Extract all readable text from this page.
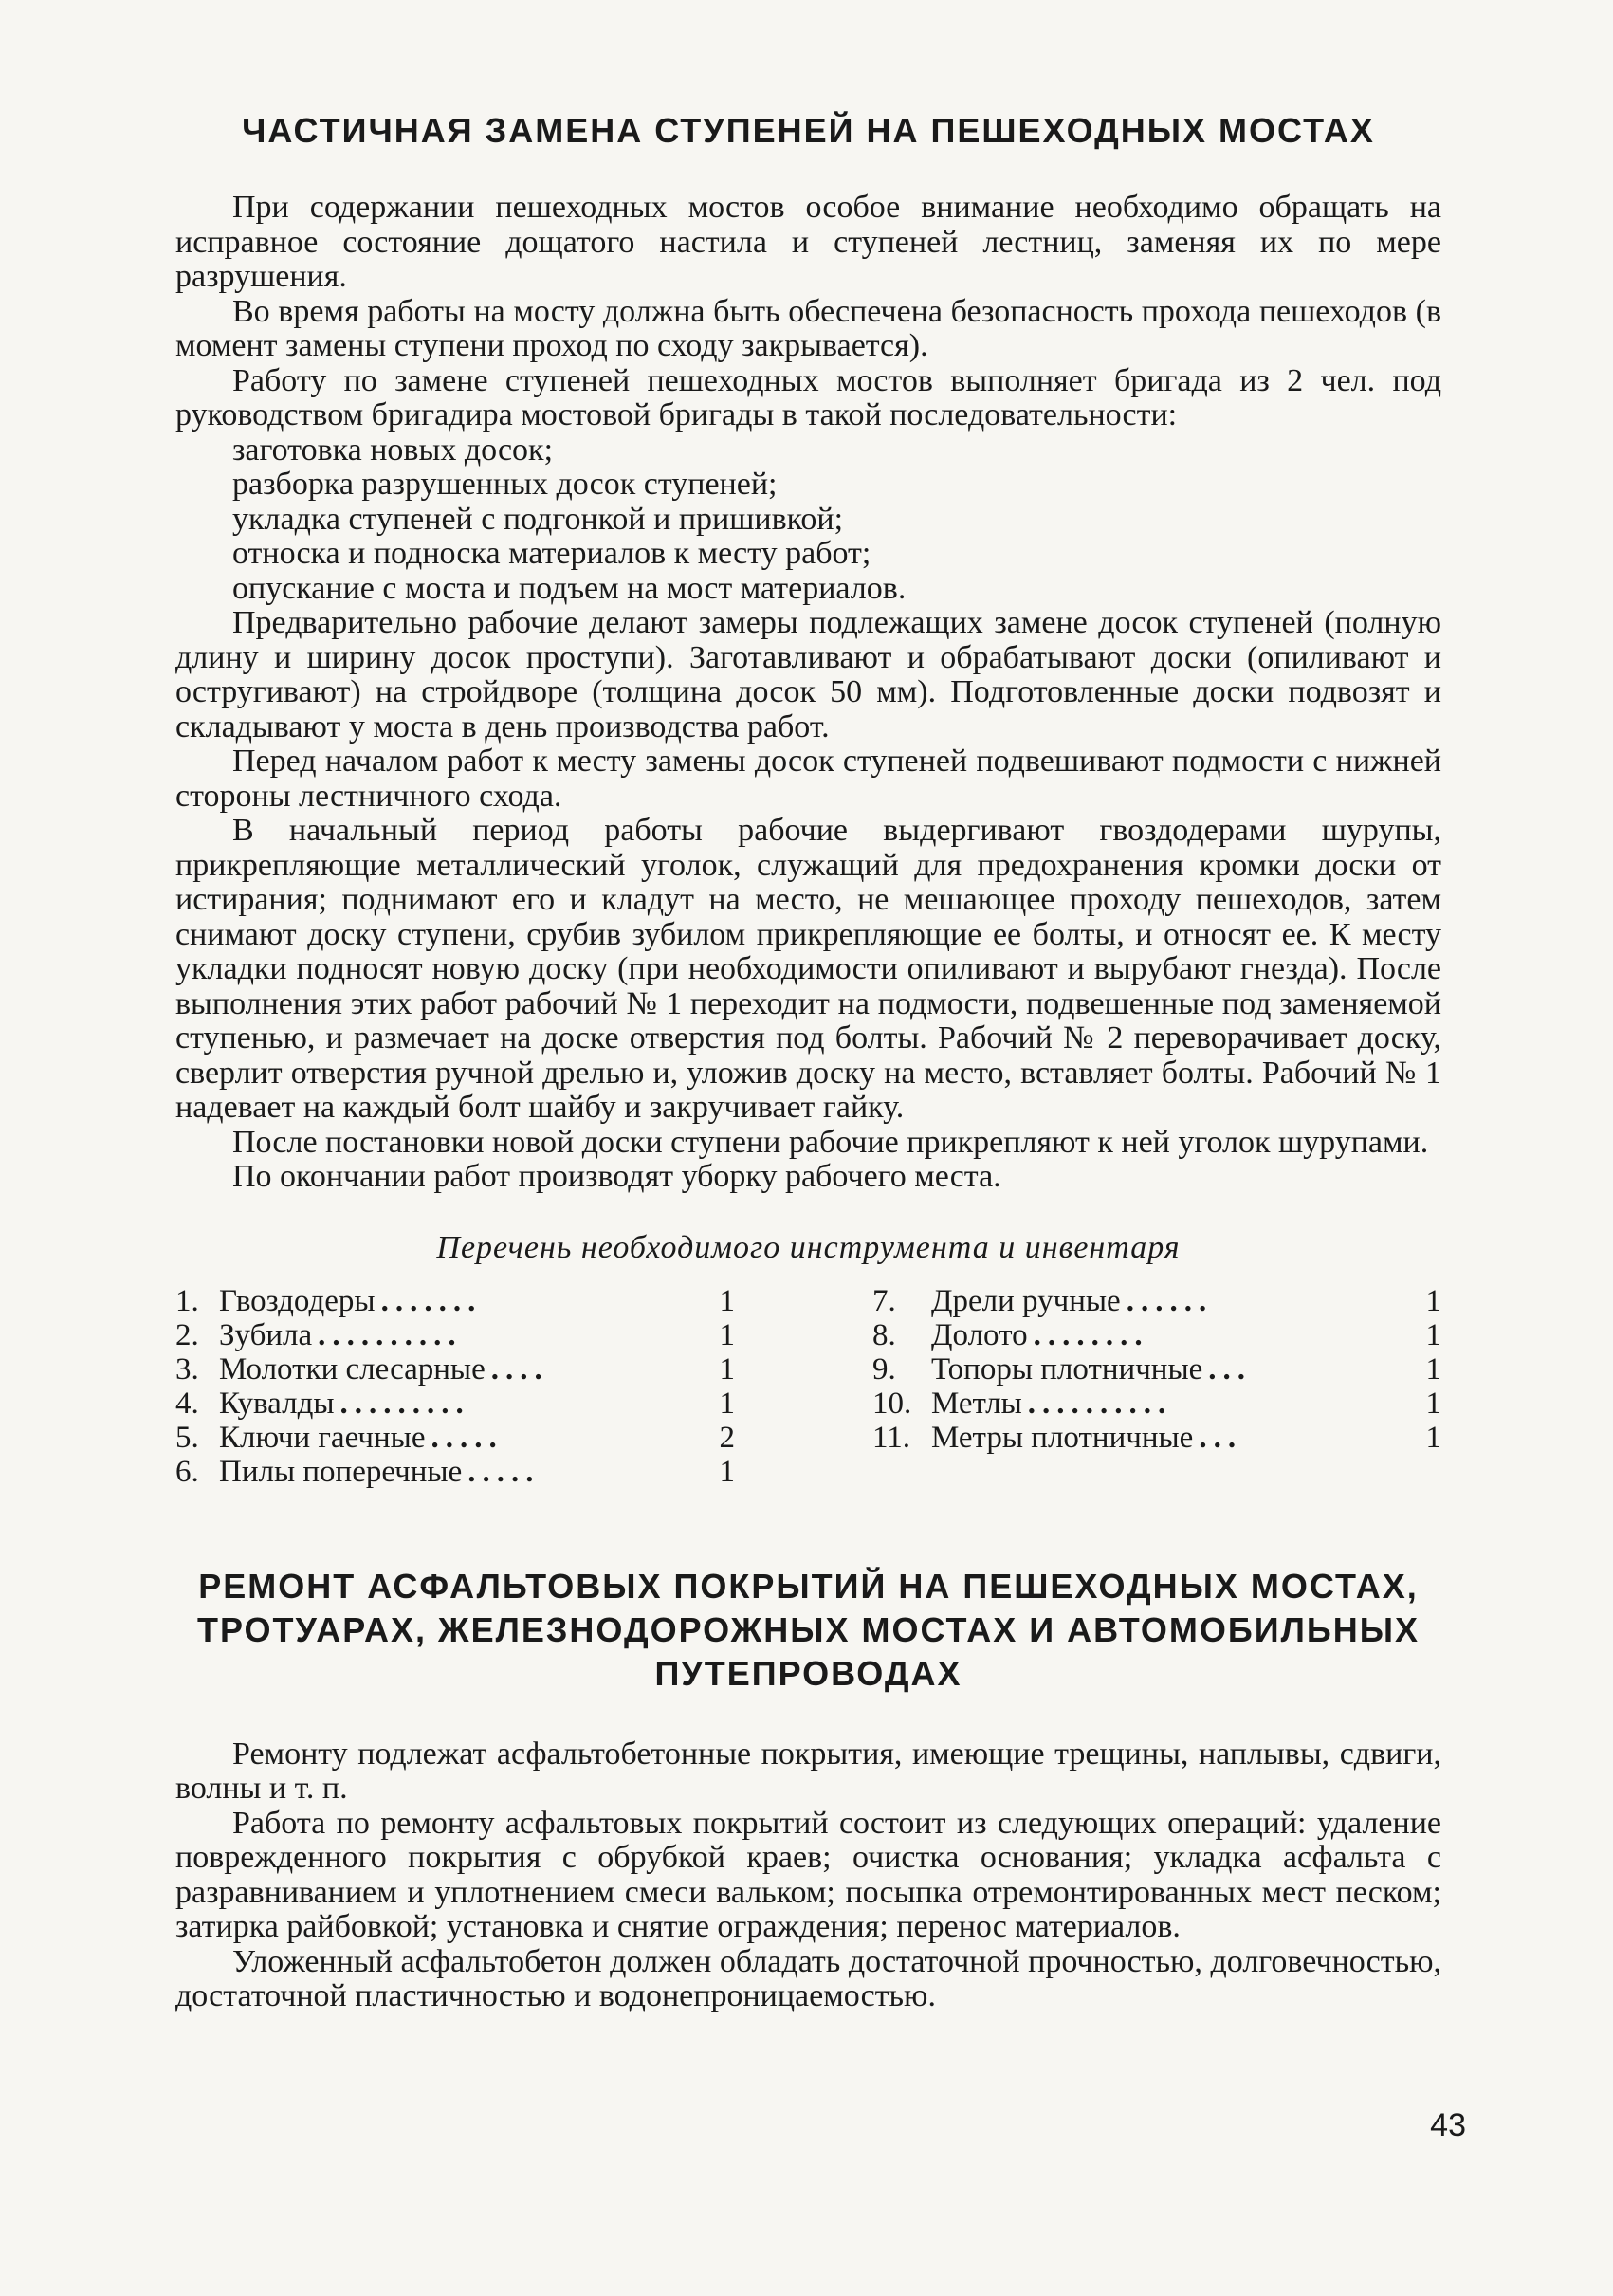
ЧАСТИЧНАЯ ЗАМЕНА СТУПЕНЕЙ НА ПЕШЕХОДНЫХ МОСТАХ

При содержании пешеходных мостов особое внимание необходимо обращать на исправное состояние дощатого настила и ступеней лестниц, заменяя их по мере разрушения.

Во время работы на мосту должна быть обеспечена безопасность прохода пешеходов (в момент замены ступени проход по сходу закрывается).

Работу по замене ступеней пешеходных мостов выполняет бригада из 2 чел. под руководством бригадира мостовой бригады в такой последовательности:

заготовка новых досок;
разборка разрушенных досок ступеней;
укладка ступеней с подгонкой и пришивкой;
относка и подноска материалов к месту работ;
опускание с моста и подъем на мост материалов.

Предварительно рабочие делают замеры подлежащих замене досок ступеней (полную длину и ширину досок проступи). Заготавливают и обрабатывают доски (опиливают и остругивают) на стройдворе (толщина досок 50 мм). Подготовленные доски подвозят и складывают у моста в день производства работ.

Перед началом работ к месту замены досок ступеней подвешивают подмости с нижней стороны лестничного схода.

В начальный период работы рабочие выдергивают гвоздодерами шурупы, прикрепляющие металлический уголок, служащий для предохранения кромки доски от истирания; поднимают его и кладут на место, не мешающее проходу пешеходов, затем снимают доску ступени, срубив зубилом прикрепляющие ее болты, и относят ее. К месту укладки подносят новую доску (при необходимости опиливают и вырубают гнезда). После выполнения этих работ рабочий № 1 переходит на подмости, подвешенные под заменяемой ступенью, и размечает на доске отверстия под болты. Рабочий № 2 переворачивает доску, сверлит отверстия ручной дрелью и, уложив доску на место, вставляет болты. Рабочий № 1 надевает на каждый болт шайбу и закручивает гайку.

После постановки новой доски ступени рабочие прикрепляют к ней уголок шурупами.

По окончании работ производят уборку рабочего места.

Перечень необходимого инструмента и инвентаря
1. Гвоздодеры .......	1
2. Зубила ..........	1
3. Молотки слесарные ....	1
4. Кувалды .........	1
5. Ключи гаечные .....	2
6. Пилы поперечные .....	1
7.	Дрели ручные ......	1
8.	Долото ........	1
9.	Топоры плотничные ...	1
10. Метлы ..........	1
11. Метры плотничные ...	1
РЕМОНТ АСФАЛЬТОВЫХ ПОКРЫТИЙ НА ПЕШЕХОДНЫХ МОСТАХ,
ТРОТУАРАХ, ЖЕЛЕЗНОДОРОЖНЫХ МОСТАХ И АВТОМОБИЛЬНЫХ
ПУТЕПРОВОДАХ

Ремонту подлежат асфальтобетонные покрытия, имеющие трещины, наплывы, сдвиги, волны и т. п.

Работа по ремонту асфальтовых покрытий состоит из следующих операций: удаление поврежденного покрытия с обрубкой краев; очистка основания; укладка асфальта с разравниванием и уплотнением смеси вальком; посыпка отремонтированных мест песком; затирка райбовкой; установка и снятие ограждения; перенос материалов.

Уложенный асфальтобетон должен обладать достаточной прочностью, долговечностью, достаточной пластичностью и водонепроницаемостью.

43
